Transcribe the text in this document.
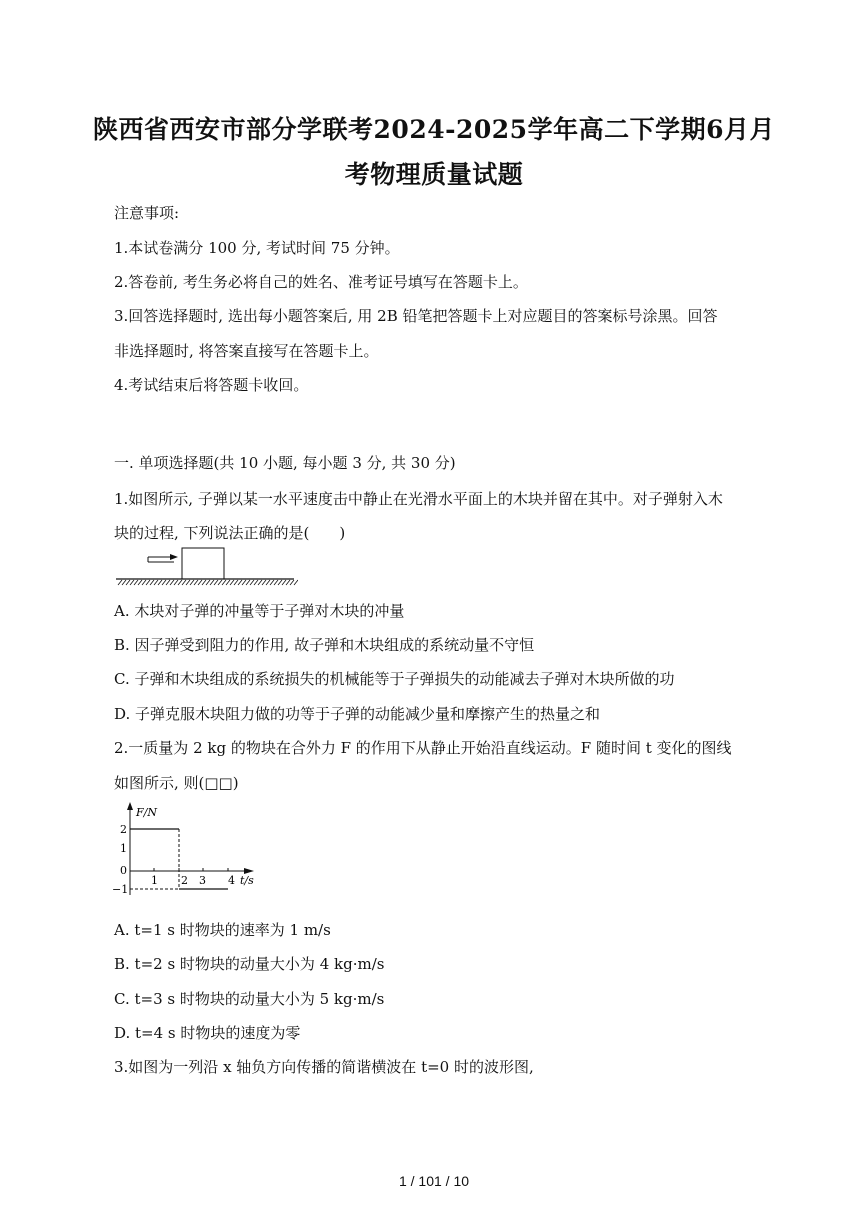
陕西省西安市部分学联考2024-2025学年高二下学期6月月
考物理质量试题
注意事项:
1.本试卷满分 100 分, 考试时间 75 分钟。
2.答卷前, 考生务必将自己的姓名、准考证号填写在答题卡上。
3.回答选择题时, 选出每小题答案后, 用 2B 铅笔把答题卡上对应题目的答案标号涂黑。回答
非选择题时, 将答案直接写在答题卡上。
4.考试结束后将答题卡收回。
一. 单项选择题(共 10 小题, 每小题 3 分, 共 30 分)
1.如图所示, 子弹以某一水平速度击中静止在光滑水平面上的木块并留在其中。对子弹射入木
块的过程, 下列说法正确的是(　　)
A. 木块对子弹的冲量等于子弹对木块的冲量
B. 因子弹受到阻力的作用, 故子弹和木块组成的系统动量不守恒
C. 子弹和木块组成的系统损失的机械能等于子弹损失的动能减去子弹对木块所做的功
D. 子弹克服木块阻力做的功等于子弹的动能减少量和摩擦产生的热量之和
2.一质量为 2 kg 的物块在合外力 F 的作用下从静止开始沿直线运动。F 随时间 t 变化的图线
如图所示, 则(□□)
F/N
t/s
2
1
0
−1
1 2 3 4
A. t=1 s 时物块的速率为 1 m/s
B. t=2 s 时物块的动量大小为 4 kg·m/s
C. t=3 s 时物块的动量大小为 5 kg·m/s
D. t=4 s 时物块的速度为零
3.如图为一列沿 x 轴负方向传播的简谐横波在 t=0 时的波形图,
1 / 101 / 10
